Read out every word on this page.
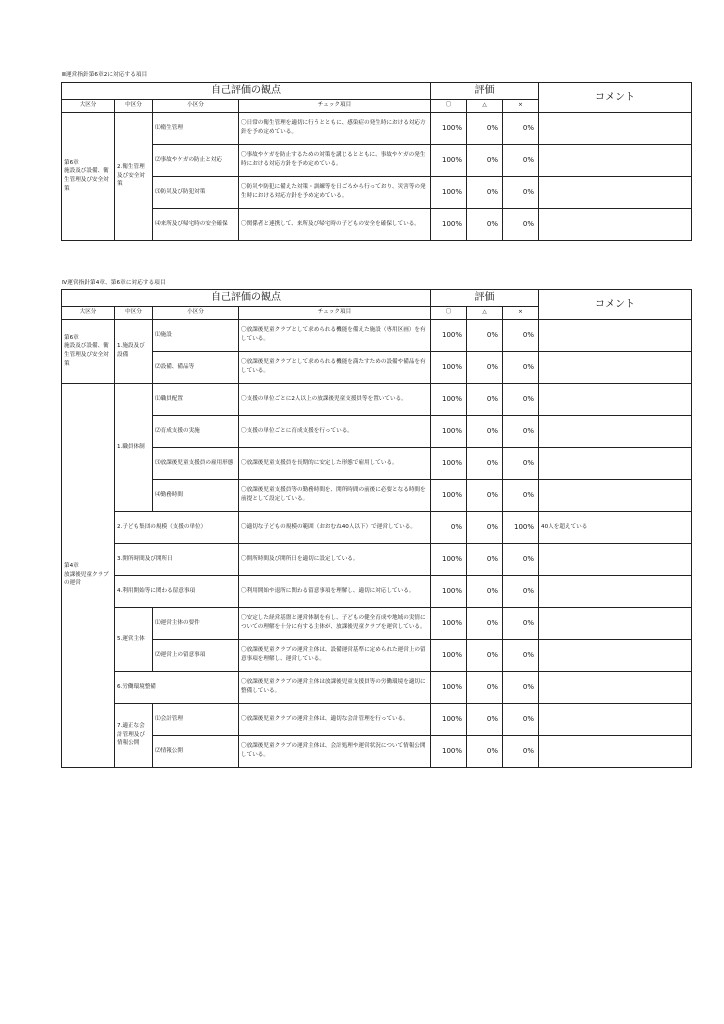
Ⅲ運営指針第6章2に対応する項目
自己評価の観点				評価			コメント
大区分	中区分	小区分	チェック項目	〇	△	×	
第6章
施設及び設備、衛生管理及び安全対策	2.衛生管理及び安全対策	⑴衛生管理	〇日常の衛生管理を適切に行うとともに、感染症の発生時における対応方針を予め定めている。	100%	0%	0%	
		⑵事故やケガの防止と対応	〇事故やケガを防止するための対策を講じるとともに、事故やケガの発生時における対応方針を予め定めている。	100%	0%	0%	
		⑶防災及び防犯対策	〇防災や防犯に備えた対策・訓練等を日ごろから行っており、災害等の発生時における対応方針を予め定めている。	100%	0%	0%	
		⑷来所及び帰宅時の安全確保	〇関係者と連携して、来所及び帰宅時の子どもの安全を確保している。	100%	0%	0%	
Ⅳ運営指針第4章、第6章に対応する項目
自己評価の観点				評価			コメント
大区分	中区分	小区分	チェック項目	〇	△	×	
第6章
施設及び設備、衛生管理及び安全対策	1.施設及び設備	⑴施設	〇放課後児童クラブとして求められる機能を備えた施設（専用区画）を有している。	100%	0%	0%	
		⑵設備、備品等	〇放課後児童クラブとして求められる機能を満たすための設備や備品を有している。	100%	0%	0%	
第4章
放課後児童クラブの運営	1.職員体制	⑴職員配置	〇支援の単位ごとに2人以上の放課後児童支援員等を置いている。	100%	0%	0%	
		⑵育成支援の実施	〇支援の単位ごとに育成支援を行っている。	100%	0%	0%	
		⑶放課後児童支援員の雇用形態	〇放課後児童支援員を長期的に安定した形態で雇用している。	100%	0%	0%	
		⑷勤務時間	〇放課後児童支援員等の勤務時間を、開所時間の前後に必要となる時間を前提として設定している。	100%	0%	0%	
	2.子ども集団の規模（支援の単位）		〇適切な子どもの規模の範囲（おおむね40人以下）で運営している。	0%	0%	100%	40人を超えている
	3.開所時間及び開所日		〇開所時間及び開所日を適切に設定している。	100%	0%	0%	
	4.利用開始等に関わる留意事項		〇利用開始や退所に関わる留意事項を理解し、適切に対応している。	100%	0%	0%	
	5.運営主体	⑴運営主体の要件	〇安定した経営基盤と運営体制を有し、子どもの健全育成や地域の実情についての理解を十分に有する主体が、放課後児童クラブを運営している。	100%	0%	0%	
		⑵運営上の留意事項	〇放課後児童クラブの運営主体は、設備運営基準に定められた運営上の留意事項を理解し、運営している。	100%	0%	0%	
	6.労働環境整備		〇放課後児童クラブの運営主体は放課後児童支援員等の労働環境を適切に整備している。	100%	0%	0%	
	7.適正な会計管理及び情報公開	⑴会計管理	〇放課後児童クラブの運営主体は、適切な会計管理を行っている。	100%	0%	0%	
		⑵情報公開	〇放課後児童クラブの運営主体は、会計処理や運営状況について情報公開している。	100%	0%	0%	
